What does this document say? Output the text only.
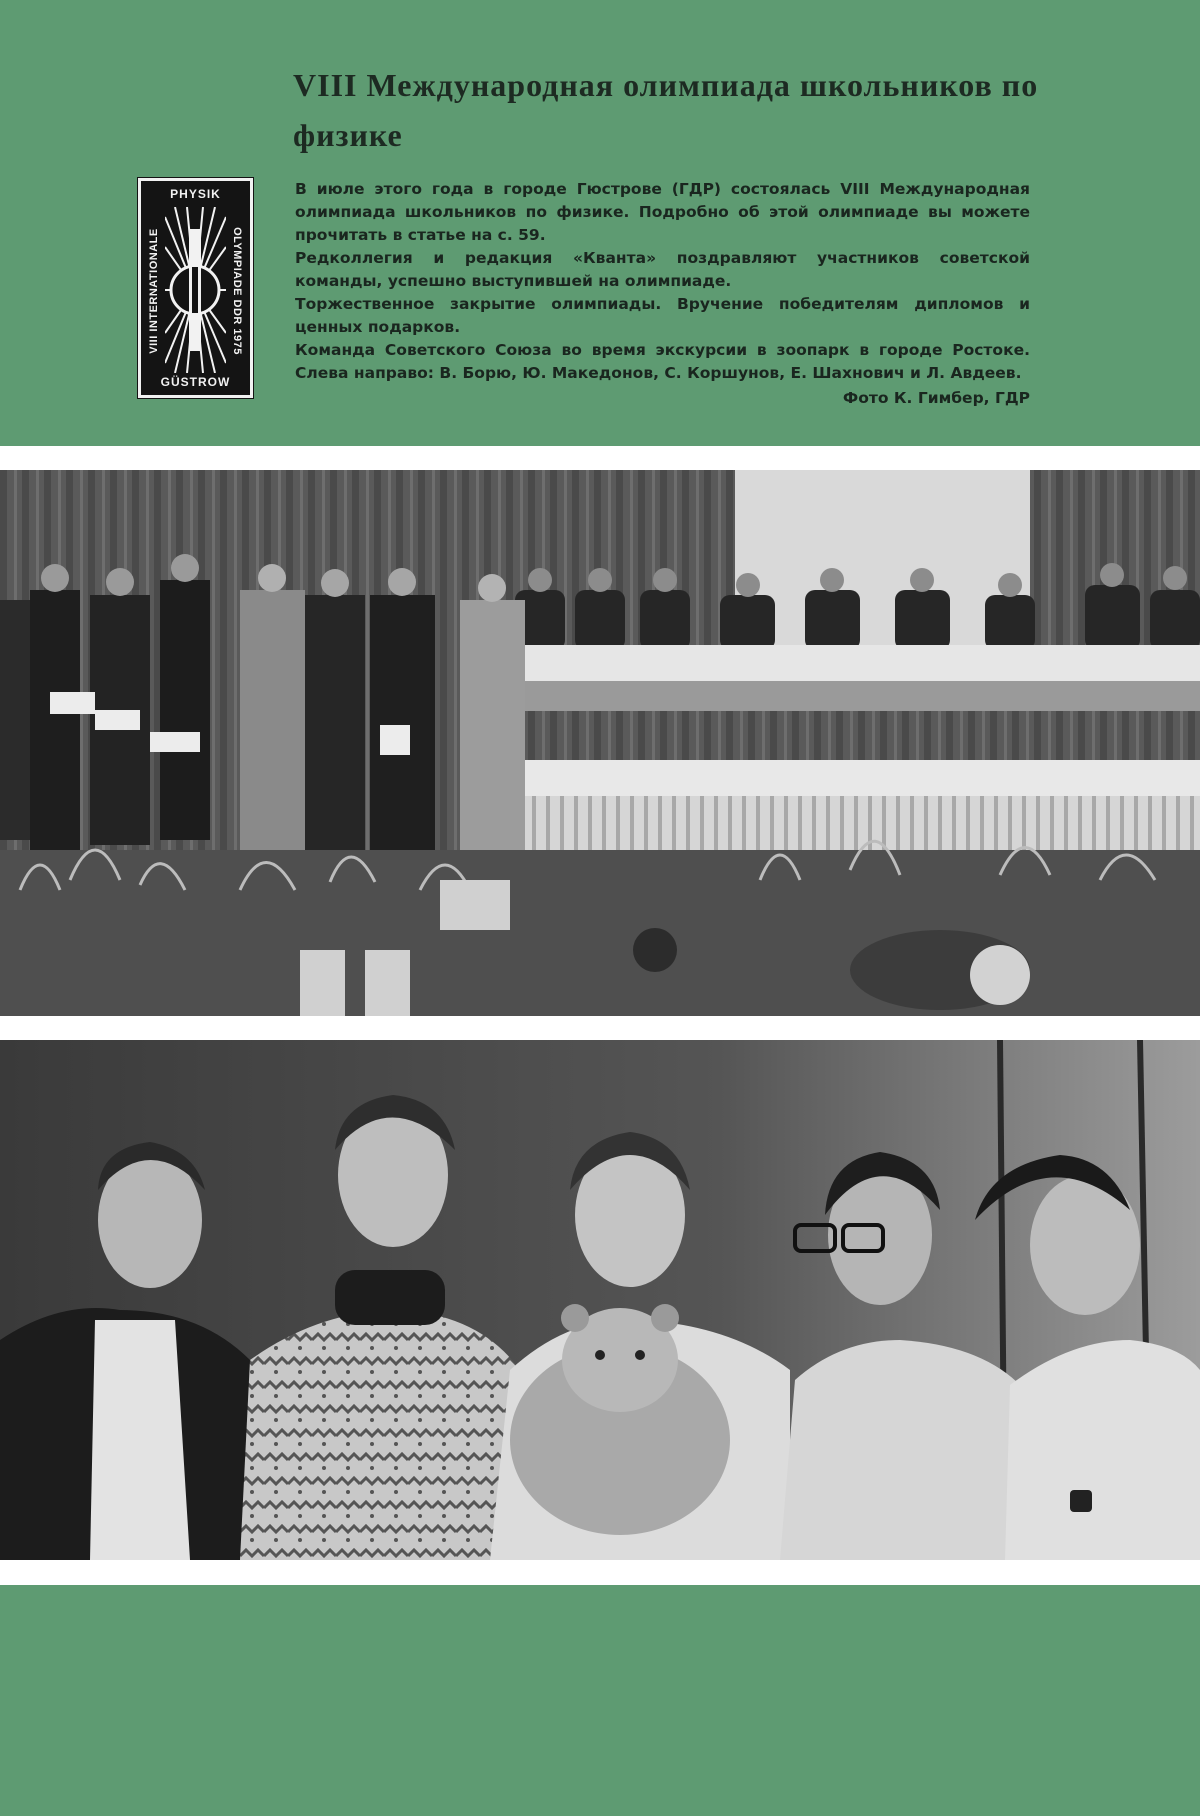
VIII Международная олимпиада школьников по физике
PHYSIK
VIII INTERNATIONALE	OLYMPIADE DDR 1975
GÜSTROW

В июле этого года в городе Гюстрове (ГДР) состоялась VIII Международная олимпиада школьников по физике. Подробно об этой олимпиаде вы можете прочитать в статье на с. 59.

Редколлегия и редакция «Кванта» поздравляют участников советской команды, успешно выступившей на олимпиаде.

Торжественное закрытие олимпиады. Вручение победителям дипломов и ценных подарков.

Команда Советского Союза во время экскурсии в зоопарк в городе Ростоке. Слева направо: В. Борю, Ю. Македонов, С. Коршунов, Е. Шахнович и Л. Авдеев.

Фото К. Гимбер, ГДР
